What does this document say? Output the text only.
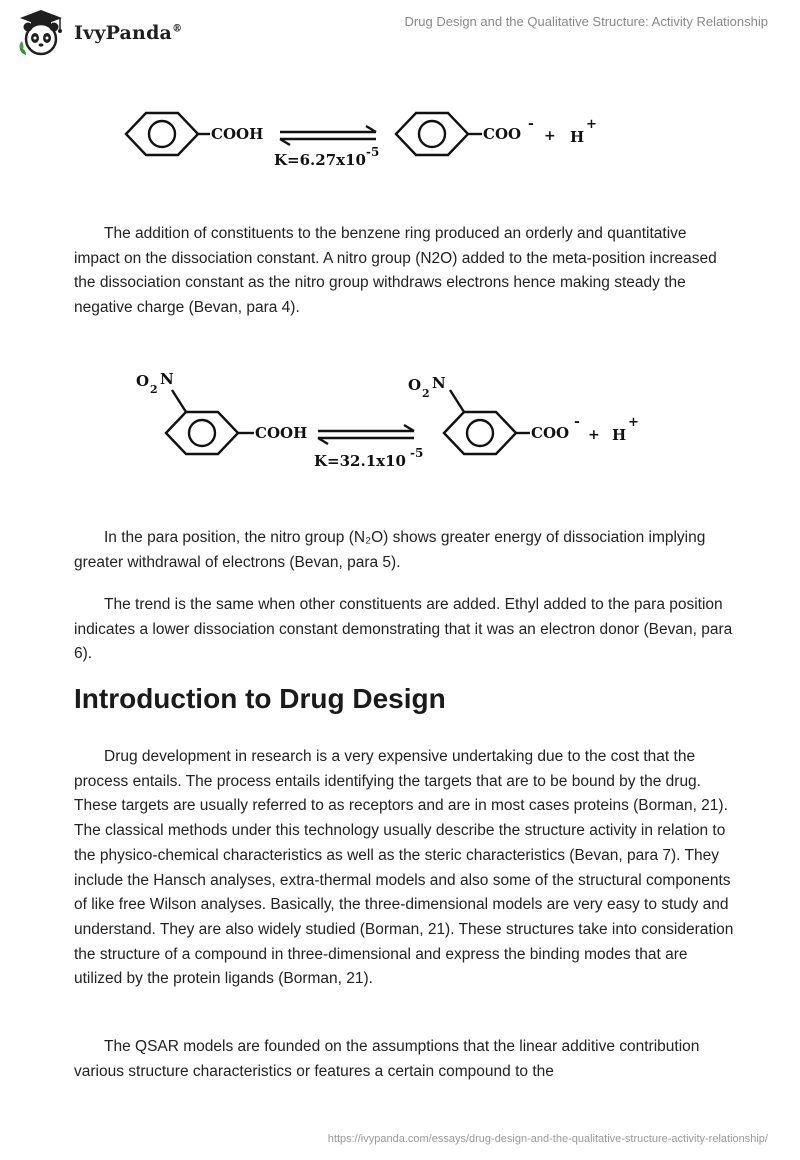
IvyPanda®
Drug Design and the Qualitative Structure: Activity Relationship
COOH	COO
-
+ H
+
K=6.27x10 -5

The addition of constituents to the benzene ring produced an orderly and quantitative impact on the dissociation constant. A nitro group (N2O) added to the meta-position increased the dissociation constant as the nitro group withdraws electrons hence making steady the negative charge (Bevan, para 4).

O 2
N	O 2
N
COOH	COO
-
+ H
+
K=32.1x10 -5

In the para position, the nitro group (N₂O) shows greater energy of dissociation implying greater withdrawal of electrons (Bevan, para 5).

The trend is the same when other constituents are added. Ethyl added to the para position indicates a lower dissociation constant demonstrating that it was an electron donor (Bevan, para 6).

Introduction to Drug Design

Drug development in research is a very expensive undertaking due to the cost that the process entails. The process entails identifying the targets that are to be bound by the drug. These targets are usually referred to as receptors and are in most cases proteins (Borman, 21). The classical methods under this technology usually describe the structure activity in relation to the physico-chemical characteristics as well as the steric characteristics (Bevan, para 7). They include the Hansch analyses, extra-thermal models and also some of the structural components of like free Wilson analyses. Basically, the three-dimensional models are very easy to study and understand. They are also widely studied (Borman, 21). These structures take into consideration the structure of a compound in three-dimensional and express the binding modes that are utilized by the protein ligands (Borman, 21).

The QSAR models are founded on the assumptions that the linear additive contribution various structure characteristics or features a certain compound to the

https://ivypanda.com/essays/drug-design-and-the-qualitative-structure-activity-relationship/
